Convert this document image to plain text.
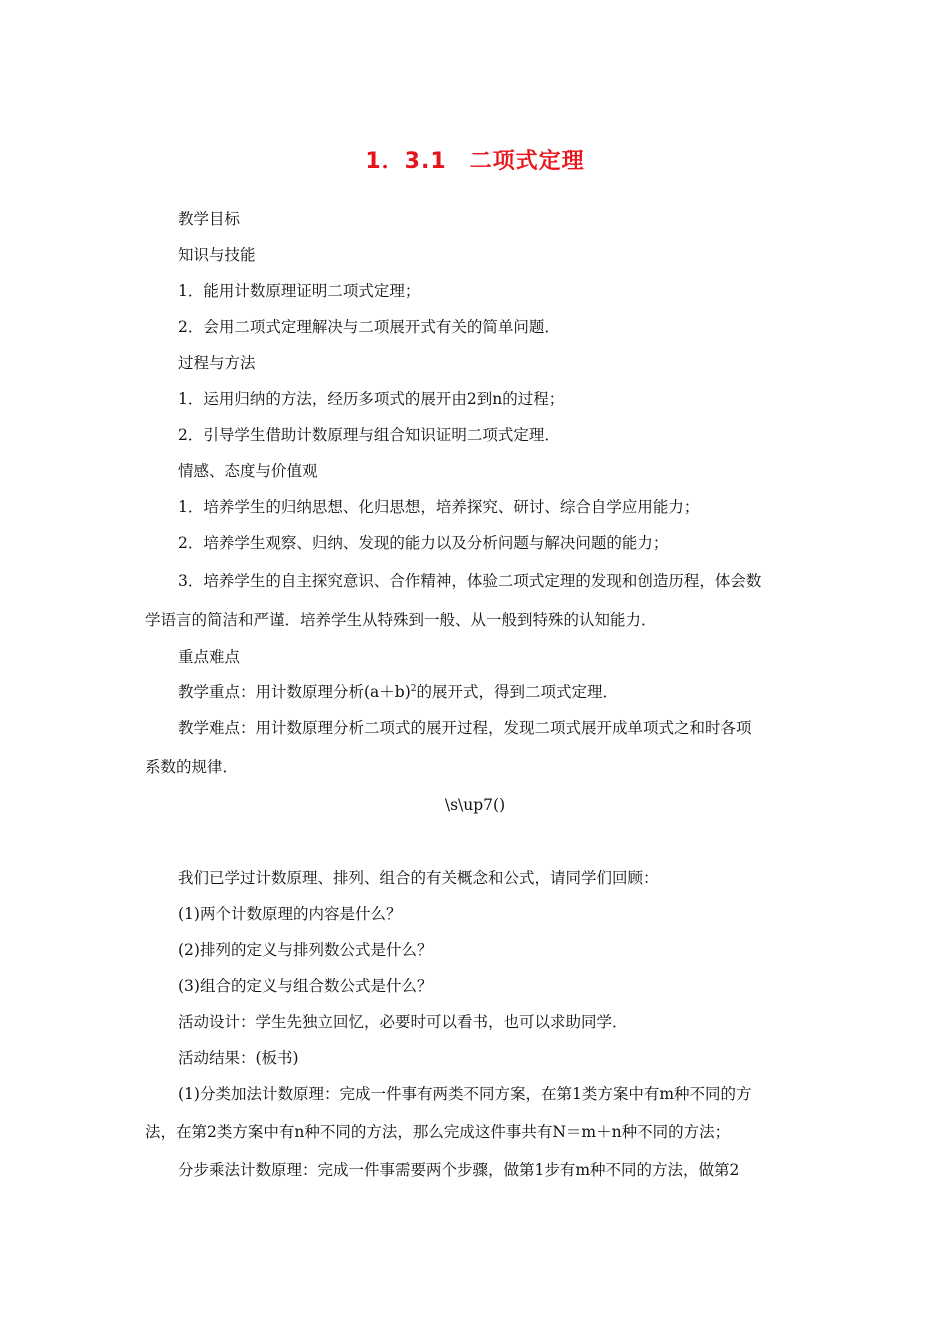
1．3.1　二项式定理
教学目标
知识与技能
1．能用计数原理证明二项式定理；
2．会用二项式定理解决与二项展开式有关的简单问题．
过程与方法
1．运用归纳的方法，经历多项式的展开由2到n的过程；
2．引导学生借助计数原理与组合知识证明二项式定理．
情感、态度与价值观
1．培养学生的归纳思想、化归思想，培养探究、研讨、综合自学应用能力；
2．培养学生观察、归纳、发现的能力以及分析问题与解决问题的能力；
3．培养学生的自主探究意识、合作精神，体验二项式定理的发现和创造历程，体会数
学语言的简洁和严谨．培养学生从特殊到一般、从一般到特殊的认知能力．
重点难点
教学重点：用计数原理分析$(a+b)^2$的展开式，得到二项式定理．
教学难点：用计数原理分析二项式的展开过程，发现二项式展开成单项式之和时各项
系数的规律．
\s\up7()
我们已学过计数原理、排列、组合的有关概念和公式，请同学们回顾：
(1)两个计数原理的内容是什么？
(2)排列的定义与排列数公式是什么？
(3)组合的定义与组合数公式是什么？
活动设计：学生先独立回忆，必要时可以看书，也可以求助同学．
活动结果：(板书)
(1)分类加法计数原理：完成一件事有两类不同方案，在第1类方案中有m种不同的方
法，在第2类方案中有n种不同的方法，那么完成这件事共有N＝m＋n种不同的方法；
分步乘法计数原理：完成一件事需要两个步骤，做第1步有m种不同的方法，做第2
